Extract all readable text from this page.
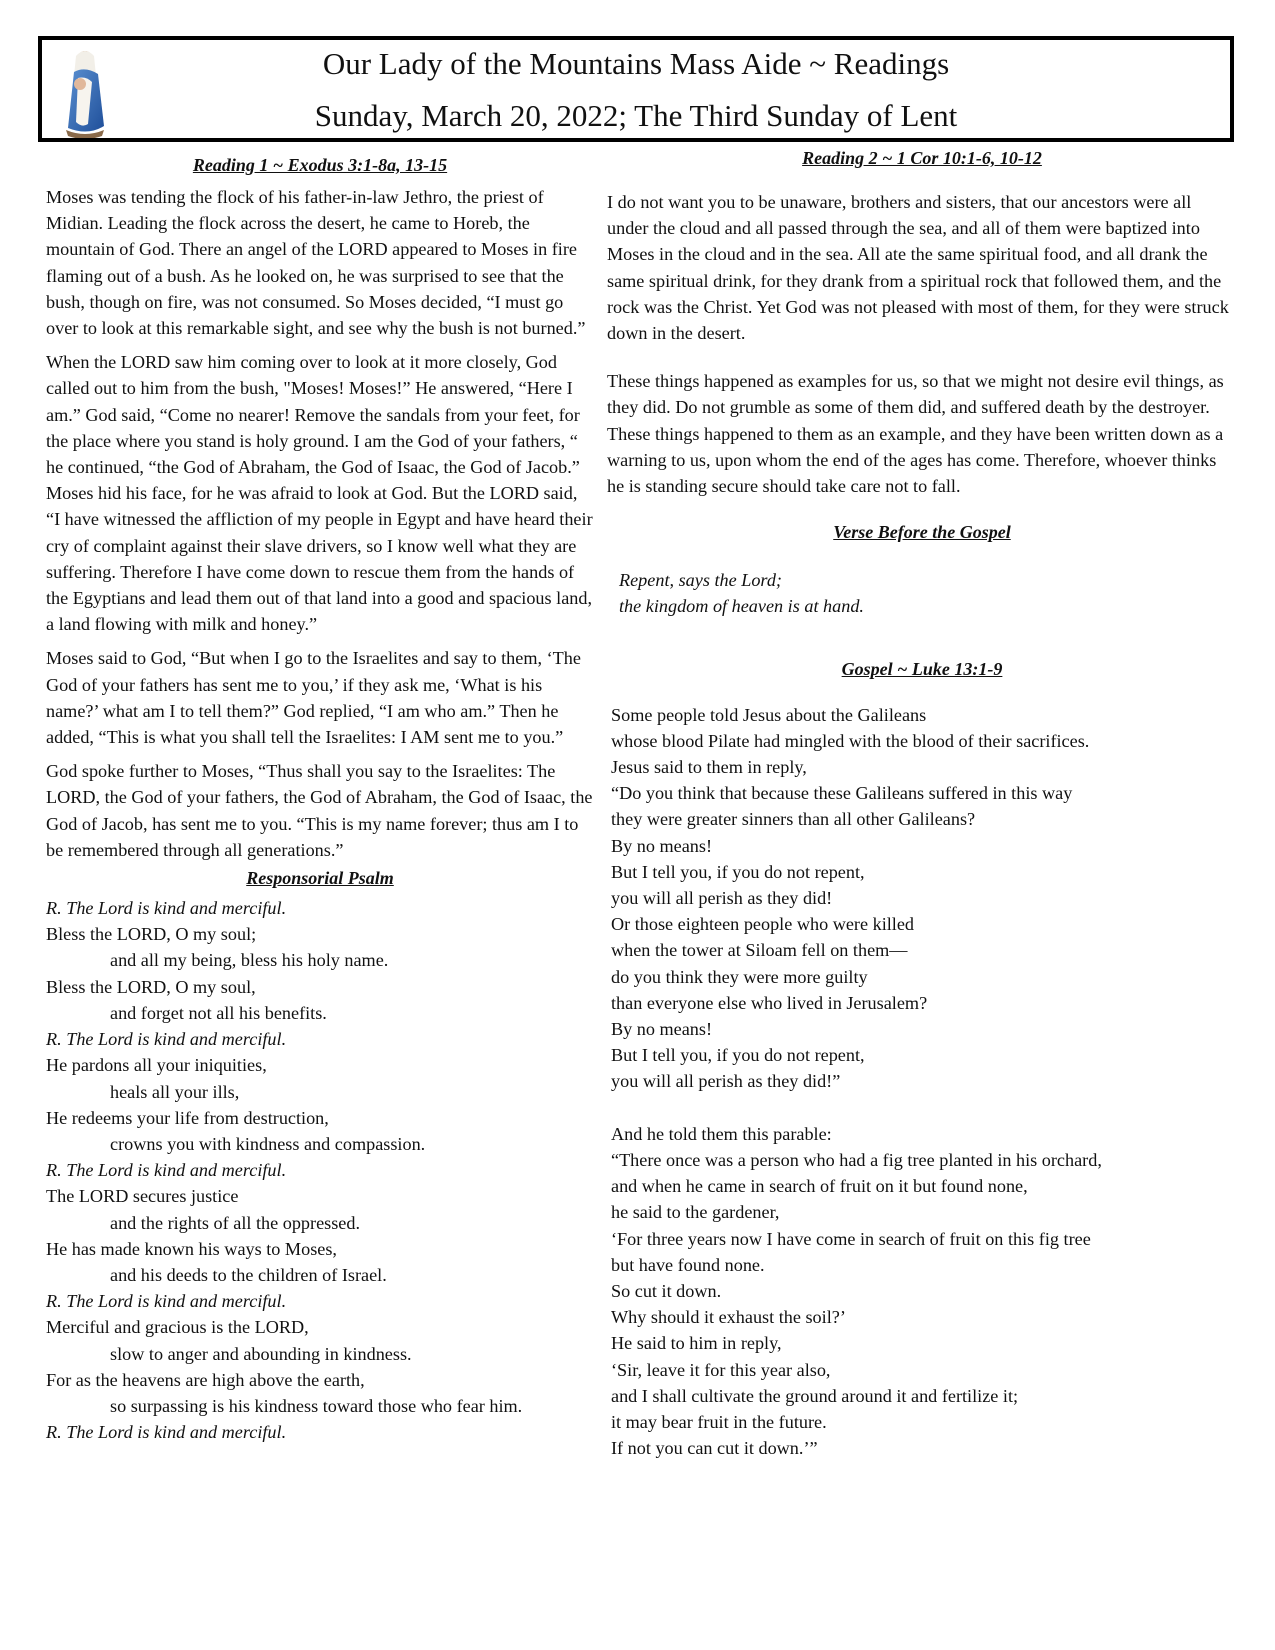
Our Lady of the Mountains Mass Aide ~ Readings
Sunday, March 20, 2022; The Third Sunday of Lent
Reading 1 ~ Exodus 3:1-8a, 13-15

Moses was tending the flock of his father-in-law Jethro, the priest of Midian. Leading the flock across the desert, he came to Horeb, the mountain of God. There an angel of the LORD appeared to Moses in fire flaming out of a bush. As he looked on, he was surprised to see that the bush, though on fire, was not consumed. So Moses decided, “I must go over to look at this remarkable sight, and see why the bush is not burned.”

When the LORD saw him coming over to look at it more closely, God called out to him from the bush, "Moses! Moses!” He answered, “Here I am.” God said, “Come no nearer! Remove the sandals from your feet, for the place where you stand is holy ground. I am the God of your fathers, “ he continued, “the God of Abraham, the God of Isaac, the God of Jacob.” Moses hid his face, for he was afraid to look at God. But the LORD said, “I have witnessed the affliction of my people in Egypt and have heard their cry of complaint against their slave drivers, so I know well what they are suffering. Therefore I have come down to rescue them from the hands of the Egyptians and lead them out of that land into a good and spacious land, a land flowing with milk and honey.”

Moses said to God, “But when I go to the Israelites and say to them, ‘The God of your fathers has sent me to you,’ if they ask me, ‘What is his name?’ what am I to tell them?” God replied, “I am who am.” Then he added, “This is what you shall tell the Israelites: I AM sent me to you.”

God spoke further to Moses, “Thus shall you say to the Israelites: The LORD, the God of your fathers, the God of Abraham, the God of Isaac, the God of Jacob, has sent me to you. “This is my name forever; thus am I to be remembered through all generations.”

Responsorial Psalm
R. The Lord is kind and merciful.
Bless the LORD, O my soul;
and all my being, bless his holy name.
Bless the LORD, O my soul,
and forget not all his benefits.
R. The Lord is kind and merciful.
He pardons all your iniquities,
heals all your ills,
He redeems your life from destruction,
crowns you with kindness and compassion.
R. The Lord is kind and merciful.
The LORD secures justice
and the rights of all the oppressed.
He has made known his ways to Moses,
and his deeds to the children of Israel.
R. The Lord is kind and merciful.
Merciful and gracious is the LORD,
slow to anger and abounding in kindness.
For as the heavens are high above the earth,
so surpassing is his kindness toward those who fear him.
R. The Lord is kind and merciful.
Reading 2 ~ 1 Cor 10:1-6, 10-12

I do not want you to be unaware, brothers and sisters, that our ancestors were all under the cloud and all passed through the sea, and all of them were baptized into Moses in the cloud and in the sea. All ate the same spiritual food, and all drank the same spiritual drink, for they drank from a spiritual rock that followed them, and the rock was the Christ. Yet God was not pleased with most of them, for they were struck down in the desert.

These things happened as examples for us, so that we might not desire evil things, as they did. Do not grumble as some of them did, and suffered death by the destroyer. These things happened to them as an example, and they have been written down as a warning to us, upon whom the end of the ages has come. Therefore, whoever thinks he is standing secure should take care not to fall.

Verse Before the Gospel
Repent, says the Lord;
the kingdom of heaven is at hand.
Gospel ~ Luke 13:1-9
Some people told Jesus about the Galileans
whose blood Pilate had mingled with the blood of their sacrifices.
Jesus said to them in reply,
“Do you think that because these Galileans suffered in this way
they were greater sinners than all other Galileans?
By no means!
But I tell you, if you do not repent,
you will all perish as they did!
Or those eighteen people who were killed
when the tower at Siloam fell on them—
do you think they were more guilty
than everyone else who lived in Jerusalem?
By no means!
But I tell you, if you do not repent,
you will all perish as they did!”
And he told them this parable:
“There once was a person who had a fig tree planted in his orchard,
and when he came in search of fruit on it but found none,
he said to the gardener,
‘For three years now I have come in search of fruit on this fig tree
but have found none.
So cut it down.
Why should it exhaust the soil?’
He said to him in reply,
‘Sir, leave it for this year also,
and I shall cultivate the ground around it and fertilize it;
it may bear fruit in the future.
If not you can cut it down.’”
